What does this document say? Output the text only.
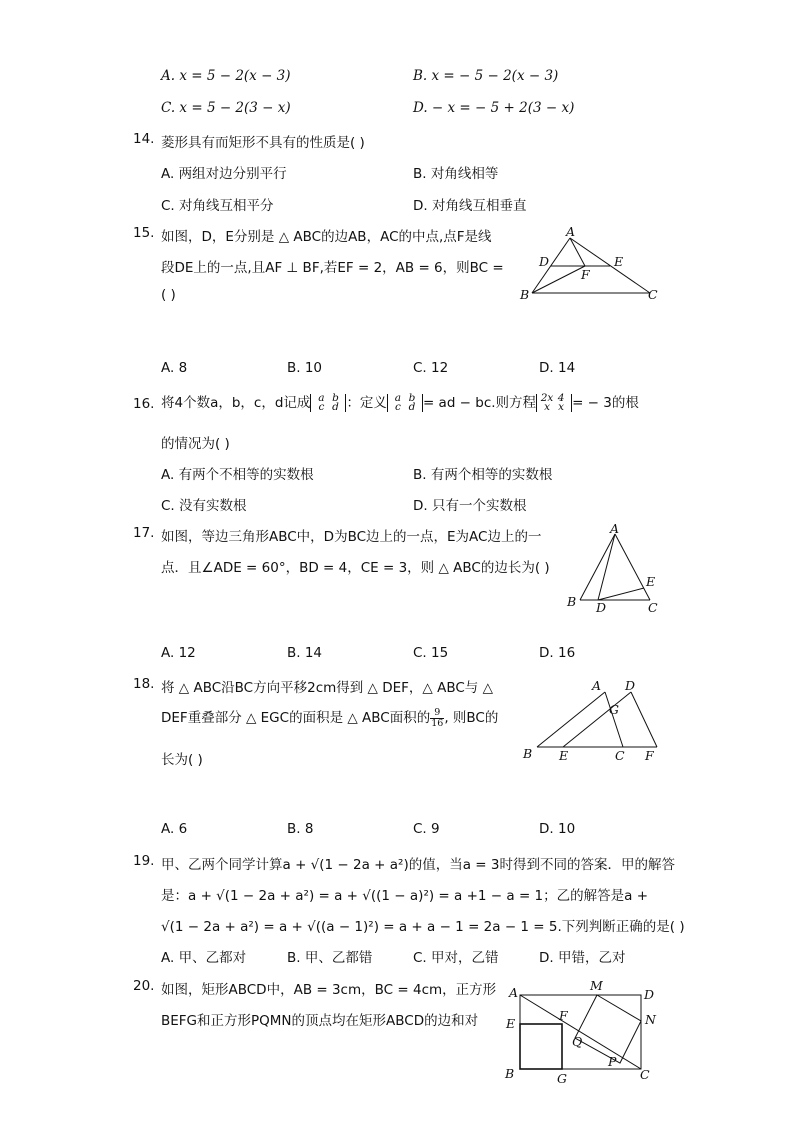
A. x = 5 − 2(x − 3)	B. x = − 5 − 2(x − 3)
C. x = 5 − 2(3 − x)	D. − x = − 5 + 2(3 − x)
14. 菱形具有而矩形不具有的性质是( )
A. 两组对边分别平行	B. 对角线相等
C. 对角线互相平分	D. 对角线互相垂直
15. 如图，D，E分别是 △ ABC的边AB，AC的中点,点F是线
段DE上的一点,且AF ⊥ BF,若EF = 2，AB = 6，则BC =
( )
A
D	E
F
B	C
A. 8	B. 10	C. 12	D. 14
16. 将4个数a，b，c，d记成 a b
c d ：定义 a b
c d = ad − bc.则方程 2x 4
x x = − 3的根
的情况为( )
A. 有两个不相等的实数根	B. 有两个相等的实数根
C. 没有实数根	D. 只有一个实数根
17. 如图，等边三角形ABC中，D为BC边上的一点，E为AC边上的一
点．且∠ADE = 60°，BD = 4，CE = 3，则 △ ABC的边长为( )
A
E
B D	C
A. 12	B. 14	C. 15	D. 16
18. 将 △ ABC沿BC方向平移2cm得到 △ DEF，△ ABC与 △
DEF重叠部分 △ EGC的面积是 △ ABC面积的 $\frac{9}{16}$ , 则BC的
长为( )
A D
G
B E	C F
A. 6	B. 8	C. 9	D. 10
19. 甲、乙两个同学计算a + √(1 − 2a + a²)的值，当a = 3时得到不同的答案．甲的解答
是：a + √(1 − 2a + a²) = a + √((1 − a)²) = a +1 − a = 1；乙的解答是a +
√(1 − 2a + a²) = a + √((a − 1)²) = a + a − 1 = 2a − 1 = 5.下列判断正确的是( )
A. 甲、乙都对	B. 甲、乙都错	C. 甲对，乙错	D. 甲错，乙对
20. 如图，矩形ABCD中，AB = 3cm，BC = 4cm，正方形
BEFG和正方形PQMN的顶点均在矩形ABCD的边和对
A	M
D
E
F	N
Q
P
B	G	C
